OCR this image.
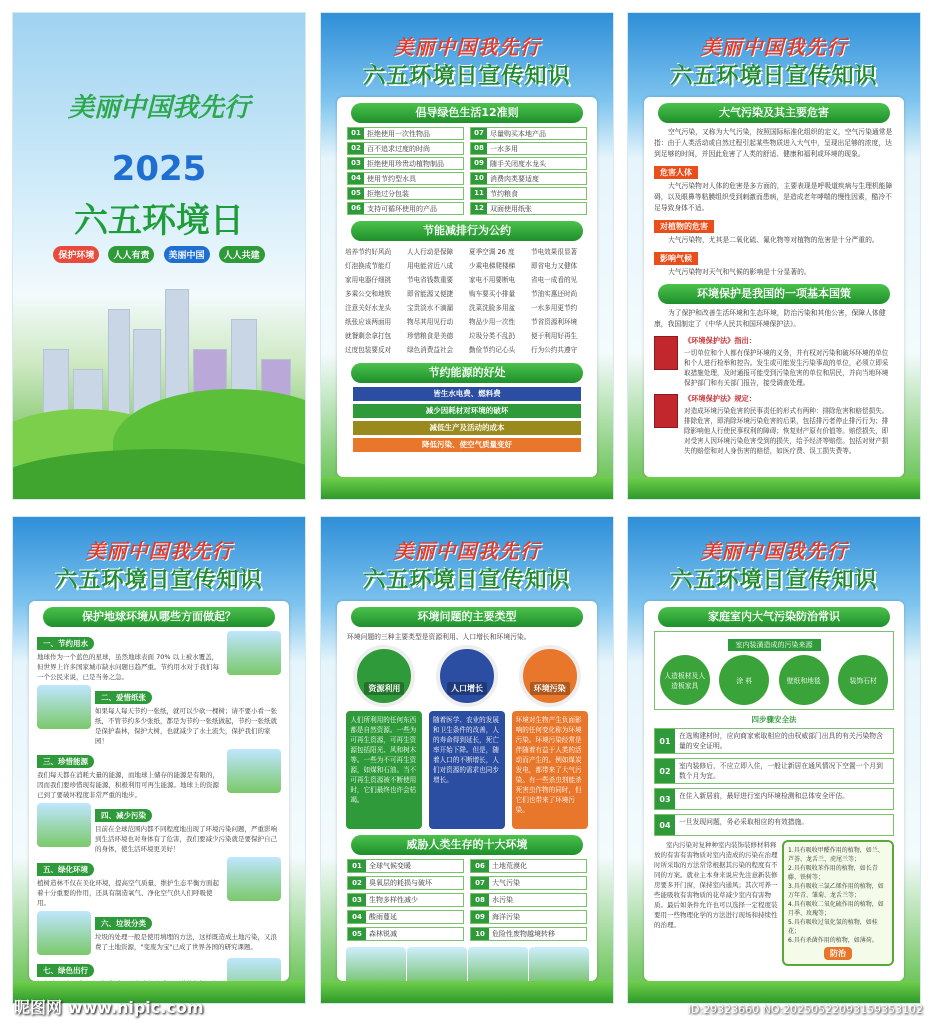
美丽中国我先行
2025
六五环境日
保护环境 人人有责 美丽中国 人人共建
美丽中国我先行
六五环境日宣传知识
倡导绿色生活12准则
01 拒绝使用一次性物品	07 尽量购买本地产品
02 百不追求过度的时尚	08 一水多用
03 拒绝使用珍贵动植物制品	09 随手关闭度水龙头
04 使用节约型水具	10 消费肉类要适度
05 拒绝过分包装	11 节约粮食
06 支持可循环使用的产品	12 双面使用纸张
节能减排行为公约
培养节约好风尚	人人行动是保障	夏季空调 26 度	节电效果很显著
灯泡换成节能灯	用电能省近八成	少乘电梯爬楼梯	即省电力又健体
家用电器仔细挑	节电省钱数重要	家电不用要断电	省电一成看的见
多乘公交和地铁	即省能源又便捷	购车要买小排量	节油实惠还时尚
注意关好水龙头	宝贵淡水不滴漏	洗菜洗脸多用盆	一水多用更节约
纸张应该两面用	物尽其用见行动	物品少用一次性	节省资源利环境
就餐剩余拿打包	珍惜粮食是美德	垃圾分类不乱扔	便于利用好再生
过度包装要反对	绿色消费益社会	勤俭节约记心头	行为公约共遵守
节约能源的好处
皆生水电费、燃料费
减少因耗材对环境的破坏
减低生产及活动的成本
降低污染、使空气质量变好
美丽中国我先行
六五环境日宣传知识
大气污染及其主要危害

空气污染，又称为大气污染，按照国际标准化组织的定义，空气污染通常是指：由于人类活动或自然过程引起某些物质进入大气中，呈现出足够的浓度，达到足够的时间，并因此危害了人类的舒适、健康和福利或环境的现象。

危害人体

大气污染物对人体的危害是多方面的，主要表现是呼吸道疾病与生理机能障碍，以及眼鼻等粘膜组织受到刺激而患病，是造成老年哮喘的慢性因素，酷冷不足导致身体不适。

对植物的危害

大气污染物，尤其是二氧化硫、氟化物等对植物的危害是十分严重的。

影响气候

大气污染物对天气和气候的影响是十分显著的。

环境保护是我国的一项基本国策

为了保护和改善生活环境和生态环境，防治污染和其他公害，保障人体健康，我国制定了《中华人民共和国环境保护法》。

《环境保护法》指出：
一切单位和个人都有保护环境的义务，并有权对污染和破坏环境的单位和个人进行检举和控告。发生或可能发生污染事故的单位，必须立即采取措施处理，及时通报可能受到污染危害的单位和居民，并向当地环境保护部门和有关部门报告，接受调查处理。
《环境保护法》规定：
对造成环境污染危害的民事责任的形式有两种：排除危害和赔偿损失。排除危害，即消除环境污染危害的后果，包括排污者停止排污行为；排除影响他人行使民事权利的障碍；恢复财产原有价值等。赔偿损失，即对受害人因环境污染危害受到的损失，给予经济等赔偿。包括对财产损失的赔偿和对人身伤害的赔偿，如医疗费、误工损失费等。
美丽中国我先行
六五环境日宣传知识
保护地球环境从哪些方面做起？
一、节约用水
地球作为一个蓝色的星球，虽然地球表面 70% 以上被水覆盖，但世界上许多国家城市缺水问题日趋严重。节约用水对于我们每一个公民来说，已是当务之急。
二、爱惜纸张
如果每人每天节约一张纸，就可以少砍一棵树；请不要小看一张纸，不管节约多少张纸，都是为节约一张纸做起，节约一张纸就是保护森林，保护大树，也就减少了水土流失，保护我们的家园！
三、珍惜能源
我们每天都在消耗大量的能源，而地球上储存的能源是有限的，因而我们要珍惜现有能源，积极利用可再生能源。地球上的资源已到了要破坏程度非常严重的地步。
四、减少污染
目前在全球范围内都不同程度地出现了环境污染问题，严重影响到生活环境也对身体有了危害，我们要减少污染就是要保护自己的身体，使生活环境更美好！
五、绿化环境
植树造林不仅在美化环境，提高空气质量，维护生态平衡方面起着十分重要的作用，还具有制造氧气、净化空气供人们呼吸使用。
六、垃圾分类
垃圾的处理一般是使用填埋的方法，这样既造成土地污染，又浪费了土地资源，"变废为宝"已成了世界各国的研究课题。
七、绿色出行
美丽中国我先行
六五环境日宣传知识
环境问题的主要类型
环境问题的三种主要类型是资源利用、人口增长和环境污染。
资源利用
人们所利用的任何东西都是自然资源。一些为可再生资源，可再生资源包括阳光、风和树木等。一些为不可再生资源，如煤和石油。当不可再生资源被不断使用时，它们最终也许会枯竭。
人口增长
随着医学、农业的发展和卫生条件的改善，人的寿命得到延长，死亡率开始下降。但是，随着人口的不断增长，人们对资源的需求也同步增长。
环境污染
环境对生物产生负面影响的任何变化称为环境污染。环境污染经常是伴随着有益于人类的活动而产生的。例如煤炭发电，都带来了大气污染。有一些杀虫剂能杀死害虫作物的同时，但它们也带来了环境污染。
威胁人类生存的十大环境
01	全球气候变暖	06	土地荒漠化
02	臭氧层的耗损与破坏	07	大气污染
03	生物多样性减少	08	水污染
04	酸雨蔓延	09	海洋污染
05	森林锐减	10	危险性废物越境转移
美丽中国我先行
六五环境日宣传知识
家庭室内大气污染防治常识
室内装潢造成的污染来源
人造板材及人造板家具
涂 料	壁纸和地毯	装饰石材
四步骤安全法
01
在选购建材时，应向商家索取相应的由权威部门出具的有关污染物含量的安全证明。
02
室内装修后，不应立即入住，一般让新居在通风情况下空置一个月到数个月为宜。
03	在住入新居前，最好进行室内环境检测和总体安全评估。
04	一旦发现问题，务必采取相应的有效措施。
室内污染对复种种室内装饰装修材料释放的有害有害物质对室内造成的污染在治理时所采取的方法常常根据其污染的程度有不同的方案。就业主本身来说应先注意新装修房要多开门窗，保持室内通风；其次可养一些能吸收有害物质的花草减少室内有害物质。最后如条件允许也可以选择一定程度装要用一些物理化学的方法进行现场和持续性的治理。
1.具有吸收甲醛作用的植物，如兰、芦荟、龙舌兰、虎尾兰等；
2.具有吸收苯作用的植物，如长青藤、铁树等；
3.具有吸收三氯乙烯作用的植物，如万年青、雏菊、龙舌兰等；
4.具有吸收二氧化硫作用的植物，如月季、玫瑰等；
5.具有吸收过氧化氢的植物，如桂花；
6.具有杀菌作用的植物，如薄荷。
防治
昵图网 www.nipic.com	ID:29323660 NO:20250522093159353102
